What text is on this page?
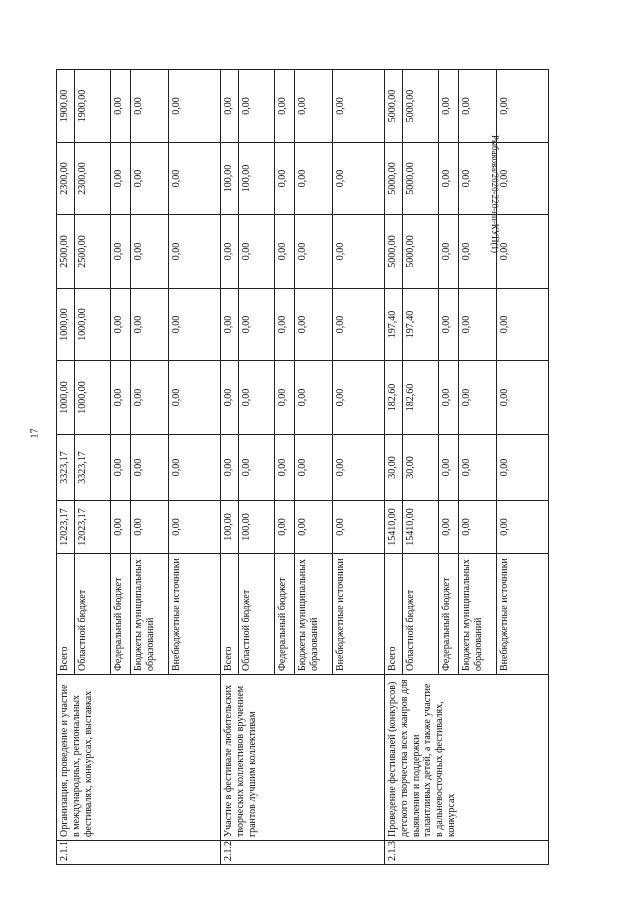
17
Рыбакова/2020-220-нп-КУП(1)
2.1.1	Организация, проведение и участие в международных, региональных фестивалях, конкурсах, выставках	Всего	12023,17	3323,17	1000,00	1000,00	2500,00	2300,00	1900,00
		Областной бюджет	12023,17	3323,17	1000,00	1000,00	2500,00	2300,00	1900,00
		Федеральный бюджет	0,00	0,00	0,00	0,00	0,00	0,00	0,00
		Бюджеты муниципальных образований	0,00	0,00	0,00	0,00	0,00	0,00	0,00
		Внебюджетные источники	0,00	0,00	0,00	0,00	0,00	0,00	0,00
2.1.2	Участие в фестивале любительских творческих коллективов вручением грантов лучшим коллективам	Всего	100,00	0,00	0,00	0,00	0,00	100,00	0,00
		Областной бюджет	100,00	0,00	0,00	0,00	0,00	100,00	0,00
		Федеральный бюджет	0,00	0,00	0,00	0,00	0,00	0,00	0,00
		Бюджеты муниципальных образований	0,00	0,00	0,00	0,00	0,00	0,00	0,00
		Внебюджетные источники	0,00	0,00	0,00	0,00	0,00	0,00	0,00
2.1.3	Проведение фестивалей (конкурсов) детского творчества всех жанров для выявления и поддержки талантливых детей, а также участие в дальневосточных фестивалях, конкурсах	Всего	15410,00	30,00	182,60	197,40	5000,00	5000,00	5000,00
		Областной бюджет	15410,00	30,00	182,60	197,40	5000,00	5000,00	5000,00
		Федеральный бюджет	0,00	0,00	0,00	0,00	0,00	0,00	0,00
		Бюджеты муниципальных образований	0,00	0,00	0,00	0,00	0,00	0,00	0,00
		Внебюджетные источники	0,00	0,00	0,00	0,00	0,00	0,00	0,00
